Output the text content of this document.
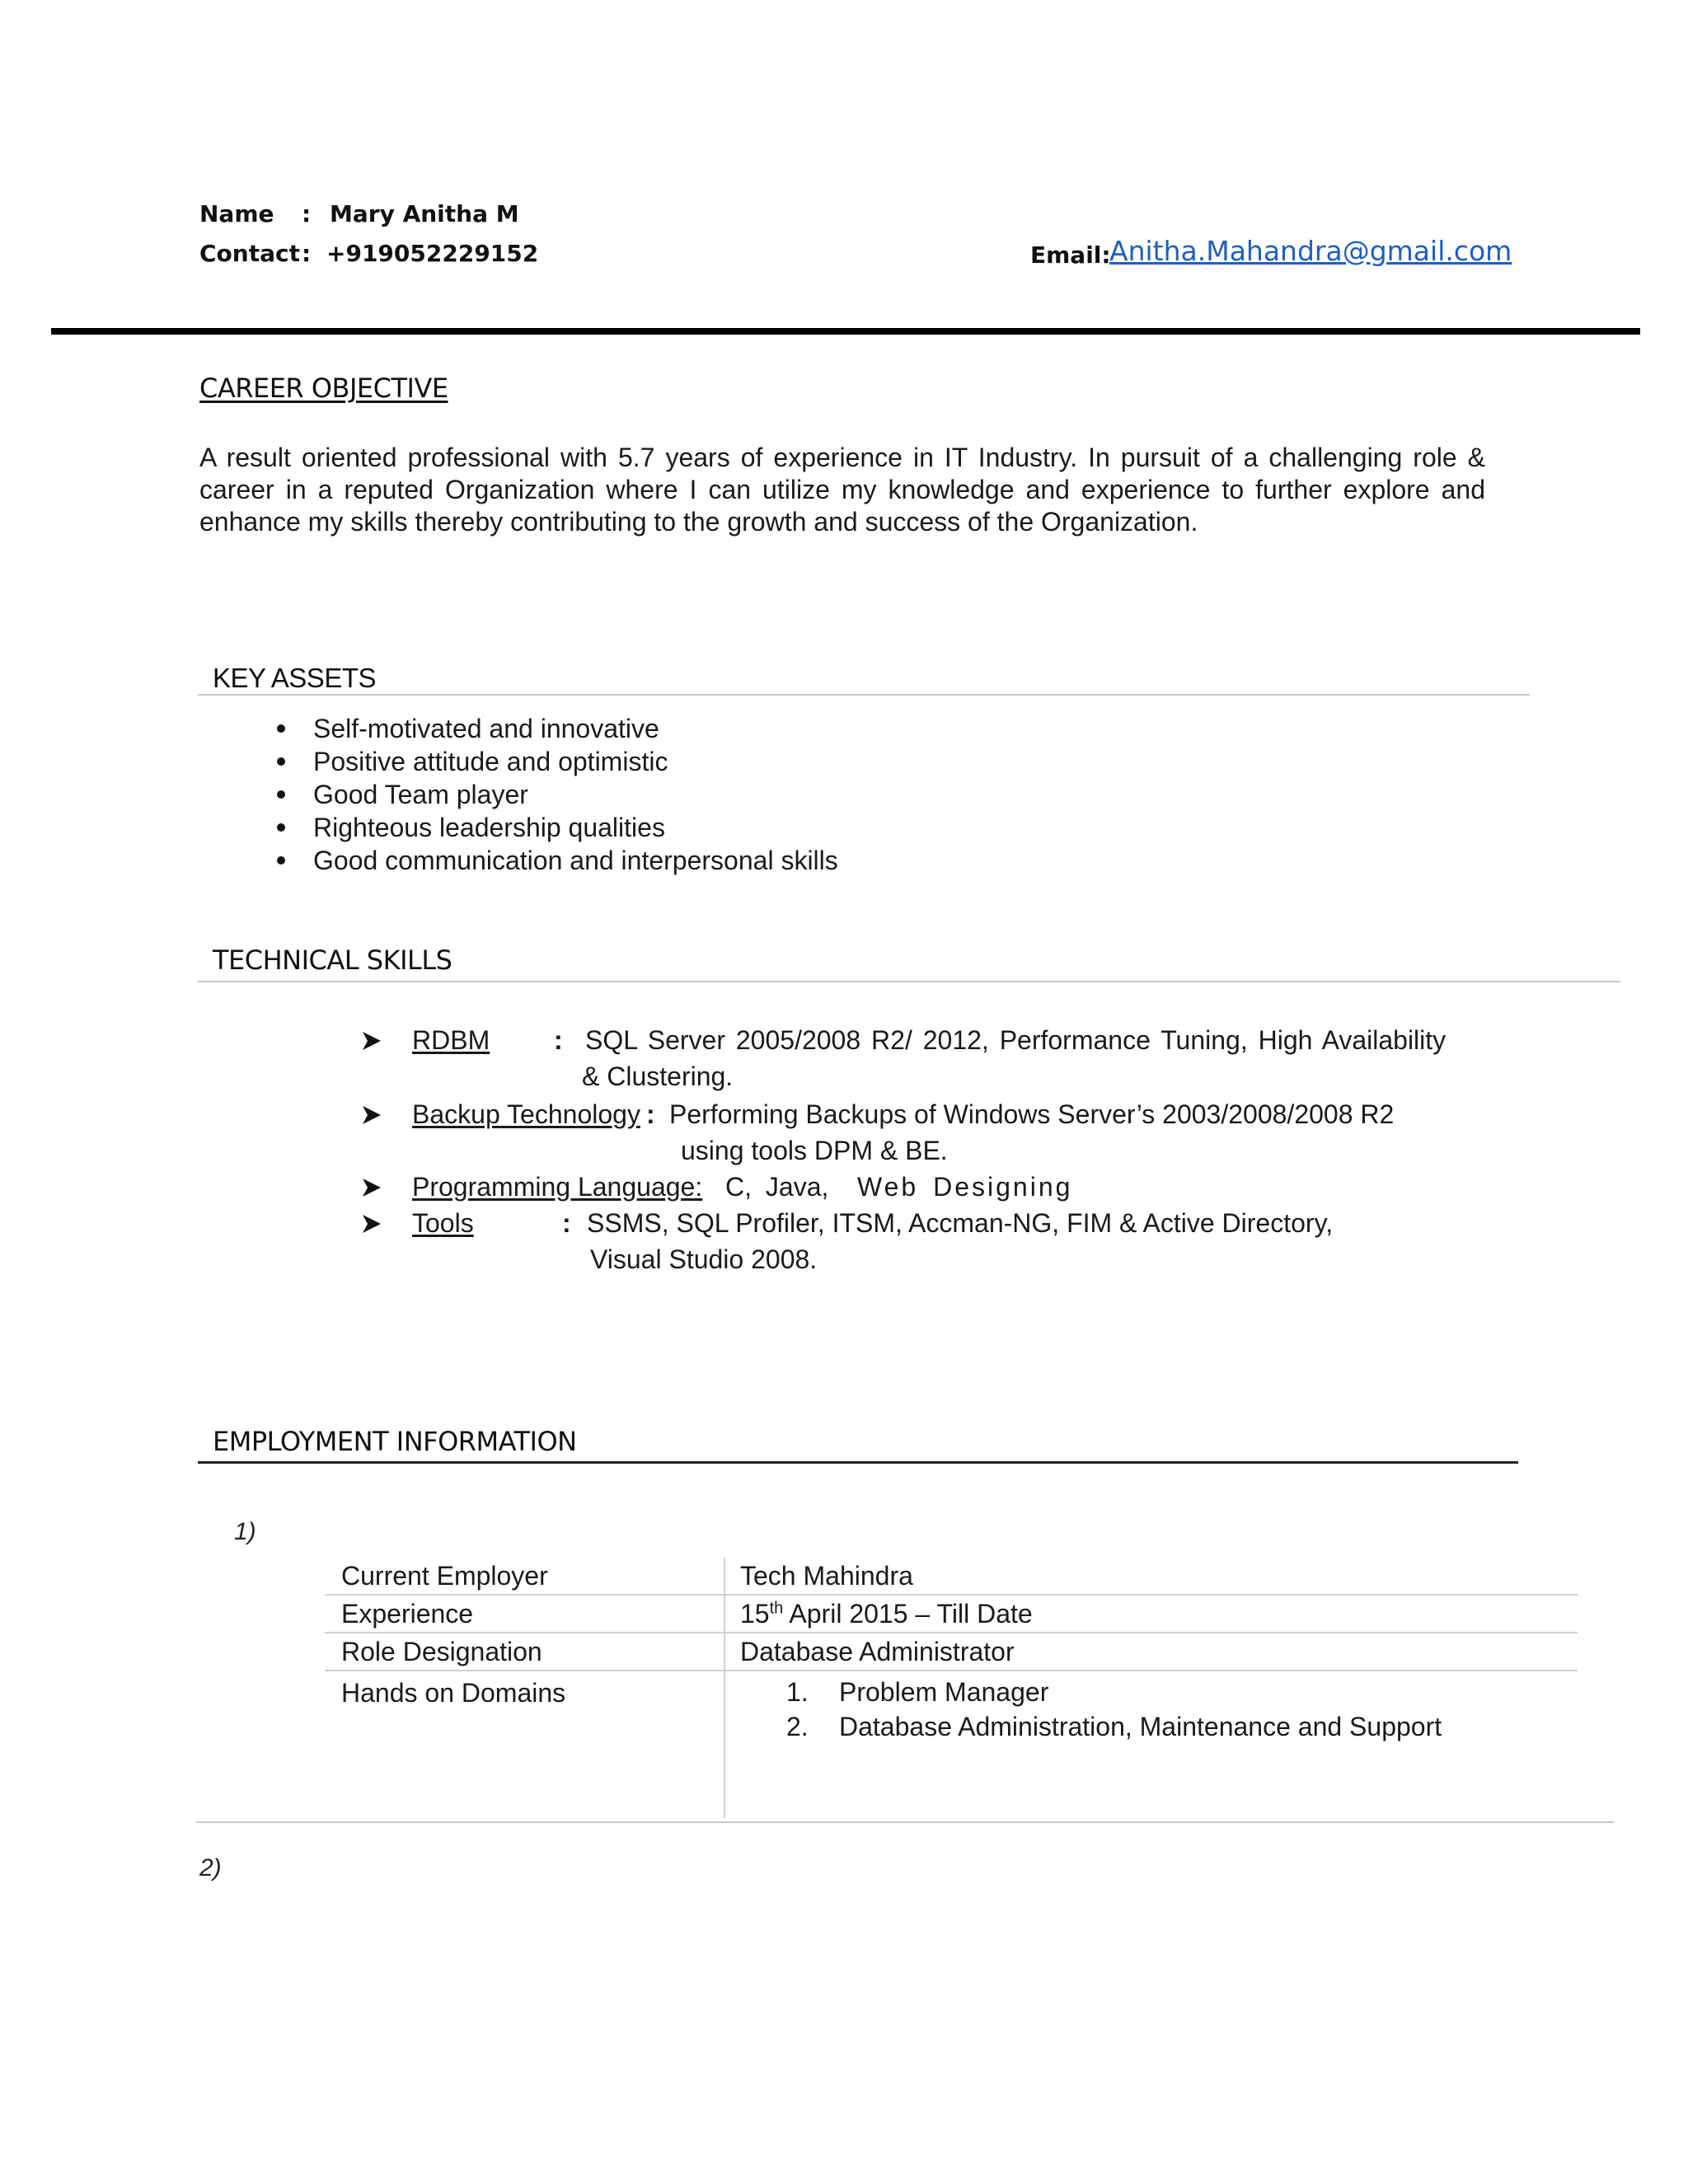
Name : Mary Anitha M
Contact : +919052229152	Email:
Anitha.Mahandra@gmail.com
CAREER OBJECTIVE
A result oriented professional with 5.7 years of experience in IT Industry. In pursuit of a challenging role & career in a reputed Organization where I can utilize my knowledge and experience to further explore and enhance my skills thereby contributing to the growth and success of the Organization.
KEY ASSETS
Self-motivated and innovative
Positive attitude and optimistic
Good Team player
Righteous leadership qualities
Good communication and interpersonal skills
TECHNICAL SKILLS
RDBM : SQL Server 2005/2008 R2/ 2012, Performance Tuning, High Availability
& Clustering.
Backup Technology : Performing Backups of Windows Server’s 2003/2008/2008 R2
using tools DPM & BE.
Programming Language: C, Java, Web Designing
Tools	: SSMS, SQL Profiler, ITSM, Accman-NG, FIM & Active Directory,
Visual Studio 2008.
EMPLOYMENT INFORMATION
1)
Current Employer	Tech Mahindra
Experience	15th April 2015 – Till Date
Role Designation	Database Administrator
Hands on Domains	1. Problem Manager
2. Database Administration, Maintenance and Support
2)
